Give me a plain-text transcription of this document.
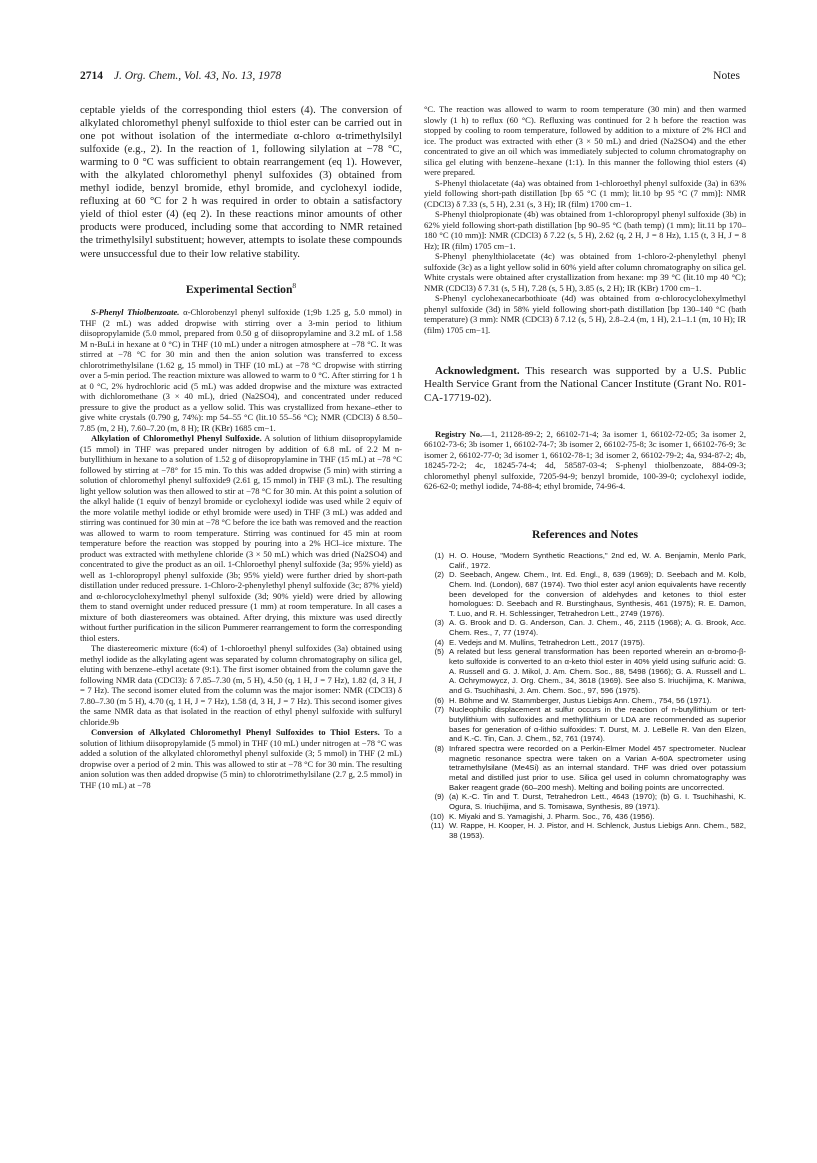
2714 J. Org. Chem., Vol. 43, No. 13, 1978	Notes

ceptable yields of the corresponding thiol esters (4). The conversion of alkylated chloromethyl phenyl sulfoxide to thiol ester can be carried out in one pot without isolation of the intermediate α-chloro α-trimethylsilyl sulfoxide (e.g., 2). In the reaction of 1, following silylation at −78 °C, warming to 0 °C was sufficient to obtain rearrangement (eq 1). However, with the alkylated chloromethyl phenyl sulfoxides (3) obtained from methyl iodide, benzyl bromide, ethyl bromide, and cyclohexyl iodide, refluxing at 60 °C for 2 h was required in order to obtain a satisfactory yield of thiol ester (4) (eq 2). In these reactions minor amounts of other products were produced, including some that according to NMR retained the trimethylsilyl substituent; however, attempts to isolate these compounds were unsuccessful due to their low relative stability.

Experimental Section$^8$

S-Phenyl Thiolbenzoate. α-Chlorobenzyl phenyl sulfoxide (1;9b 1.25 g, 5.0 mmol) in THF (2 mL) was added dropwise with stirring over a 3-min period to lithium diisopropylamide (5.0 mmol, prepared from 0.50 g of diisopropylamine and 3.2 mL of 1.58 M n-BuLi in hexane at 0 °C) in THF (10 mL) under a nitrogen atmosphere at −78 °C. It was stirred at −78 °C for 30 min and then the anion solution was transferred to excess chlorotrimethylsilane (1.62 g, 15 mmol) in THF (10 mL) at −78 °C dropwise with stirring over a 5-min period. The reaction mixture was allowed to warm to 0 °C. After stirring for 1 h at 0 °C, 2% hydrochloric acid (5 mL) was added dropwise and the mixture was extracted with dichloromethane (3 × 40 mL), dried (Na2SO4), and concentrated under reduced pressure to give the product as a yellow solid. This was crystallized from hexane–ether to give white crystals (0.790 g, 74%): mp 54–55 °C (lit.10 55–56 °C); NMR (CDCl3) δ 8.50–7.85 (m, 2 H), 7.60–7.20 (m, 8 H); IR (KBr) 1685 cm−1.

Alkylation of Chloromethyl Phenyl Sulfoxide. A solution of lithium diisopropylamide (15 mmol) in THF was prepared under nitrogen by addition of 6.8 mL of 2.2 M n-butyllithium in hexane to a solution of 1.52 g of diisopropylamine in THF (15 mL) at −78 °C followed by stirring at −78° for 15 min. To this was added dropwise (5 min) with stirring a solution of chloromethyl phenyl sulfoxide9 (2.61 g, 15 mmol) in THF (3 mL). The resulting light yellow solution was then allowed to stir at −78 °C for 30 min. At this point a solution of the alkyl halide (1 equiv of benzyl bromide or cyclohexyl iodide was used while 2 equiv of the more volatile methyl iodide or ethyl bromide were used) in THF (3 mL) was added and stirring was continued for 30 min at −78 °C before the ice bath was removed and the reaction was allowed to warm to room temperature. Stirring was continued for 45 min at room temperature before the reaction was stopped by pouring into a 2% HCl–ice mixture. The product was extracted with methylene chloride (3 × 50 mL) which was dried (Na2SO4) and concentrated to give the product as an oil. 1-Chloroethyl phenyl sulfoxide (3a; 95% yield) as well as 1-chloropropyl phenyl sulfoxide (3b; 95% yield) were further dried by short-path distillation under reduced pressure. 1-Chloro-2-phenylethyl phenyl sulfoxide (3c; 87% yield) and α-chlorocyclohexylmethyl phenyl sulfoxide (3d; 90% yield) were dried by allowing them to stand overnight under reduced pressure (1 mm) at room temperature. In all cases a mixture of both diastereomers was obtained. After drying, this mixture was used directly without further purification in the silicon Pummerer rearrangement to form the corresponding thiol esters.

The diastereomeric mixture (6:4) of 1-chloroethyl phenyl sulfoxides (3a) obtained using methyl iodide as the alkylating agent was separated by column chromatography on silica gel, eluting with benzene–ethyl acetate (9:1). The first isomer obtained from the column gave the following NMR data (CDCl3): δ 7.85–7.30 (m, 5 H), 4.50 (q, 1 H, J = 7 Hz), 1.82 (d, 3 H, J = 7 Hz). The second isomer eluted from the column was the major isomer: NMR (CDCl3) δ 7.80–7.30 (m 5 H), 4.70 (q, 1 H, J = 7 Hz), 1.58 (d, 3 H, J = 7 Hz). This second isomer gives the same NMR data as that isolated in the reaction of ethyl phenyl sulfoxide with sulfuryl chloride.9b

Conversion of Alkylated Chloromethyl Phenyl Sulfoxides to Thiol Esters. To a solution of lithium diisopropylamide (5 mmol) in THF (10 mL) under nitrogen at −78 °C was added a solution of the alkylated chloromethyl phenyl sulfoxide (3; 5 mmol) in THF (2 mL) dropwise over a period of 2 min. This was allowed to stir at −78 °C for 30 min. The resulting anion solution was then added dropwise (5 min) to chlorotrimethylsilane (2.7 g, 2.5 mmol) in THF (10 mL) at −78

°C. The reaction was allowed to warm to room temperature (30 min) and then warmed slowly (1 h) to reflux (60 °C). Refluxing was continued for 2 h before the reaction was stopped by cooling to room temperature, followed by addition to a mixture of 2% HCl and ice. The product was extracted with ether (3 × 50 mL) and dried (Na2SO4) and the ether concentrated to give an oil which was immediately subjected to column chromatography on silica gel eluting with benzene–hexane (1:1). In this manner the following thiol esters (4) were prepared.

S-Phenyl thiolacetate (4a) was obtained from 1-chloroethyl phenyl sulfoxide (3a) in 63% yield following short-path distillation [bp 65 °C (1 mm); lit.10 bp 95 °C (7 mm)]: NMR (CDCl3) δ 7.33 (s, 5 H), 2.31 (s, 3 H); IR (film) 1700 cm−1.

S-Phenyl thiolpropionate (4b) was obtained from 1-chloropropyl phenyl sulfoxide (3b) in 62% yield following short-path distillation [bp 90–95 °C (bath temp) (1 mm); lit.11 bp 170–180 °C (10 mm)]: NMR (CDCl3) δ 7.22 (s, 5 H), 2.62 (q, 2 H, J = 8 Hz), 1.15 (t, 3 H, J = 8 Hz); IR (film) 1705 cm−1.

S-Phenyl phenylthiolacetate (4c) was obtained from 1-chloro-2-phenylethyl phenyl sulfoxide (3c) as a light yellow solid in 60% yield after column chromatography on silica gel. White crystals were obtained after crystallization from hexane: mp 39 °C (lit.10 mp 40 °C); NMR (CDCl3) δ 7.31 (s, 5 H), 7.28 (s, 5 H), 3.85 (s, 2 H); IR (KBr) 1700 cm−1.

S-Phenyl cyclohexanecarbothioate (4d) was obtained from α-chlorocyclohexylmethyl phenyl sulfoxide (3d) in 58% yield following short-path distillation [bp 130–140 °C (bath temperature) (3 mm): NMR (CDCl3) δ 7.12 (s, 5 H), 2.8–2.4 (m, 1 H), 2.1–1.1 (m, 10 H); IR (film) 1705 cm−1].

Acknowledgment. This research was supported by a U.S. Public Health Service Grant from the National Cancer Institute (Grant No. R01-CA-17719-02).

Registry No.—1, 21128-89-2; 2, 66102-71-4; 3a isomer 1, 66102-72-05; 3a isomer 2, 66102-73-6; 3b isomer 1, 66102-74-7; 3b isomer 2, 66102-75-8; 3c isomer 1, 66102-76-9; 3c isomer 2, 66102-77-0; 3d isomer 1, 66102-78-1; 3d isomer 2, 66102-79-2; 4a, 934-87-2; 4b, 18245-72-2; 4c, 18245-74-4; 4d, 58587-03-4; S-phenyl thiolbenzoate, 884-09-3; chloromethyl phenyl sulfoxide, 7205-94-9; benzyl bromide, 100-39-0; cyclohexyl iodide, 626-62-0; methyl iodide, 74-88-4; ethyl bromide, 74-96-4.

References and Notes
(1) H. O. House, "Modern Synthetic Reactions," 2nd ed, W. A. Benjamin, Menlo Park, Calif., 1972.
(2) D. Seebach, Angew. Chem., Int. Ed. Engl., 8, 639 (1969); D. Seebach and M. Kolb, Chem. Ind. (London), 687 (1974). Two thiol ester acyl anion equivalents have recently been developed for the conversion of aldehydes and ketones to thiol ester homologues: D. Seebach and R. Burstinghaus, Synthesis, 461 (1975); R. E. Damon, T. Luo, and R. H. Schlessinger, Tetrahedron Lett., 2749 (1976).
(3) A. G. Brook and D. G. Anderson, Can. J. Chem., 46, 2115 (1968); A. G. Brook, Acc. Chem. Res., 7, 77 (1974).
(4) E. Vedejs and M. Mullins, Tetrahedron Lett., 2017 (1975).
(5) A related but less general transformation has been reported wherein an α-bromo-β-keto sulfoxide is converted to an α-keto thiol ester in 40% yield using sulfuric acid: G. A. Russell and G. J. Mikol, J. Am. Chem. Soc., 88, 5498 (1966); G. A. Russell and L. A. Ochrymowycz, J. Org. Chem., 34, 3618 (1969). See also S. Iriuchijima, K. Maniwa, and G. Tsuchihashi, J. Am. Chem. Soc., 97, 596 (1975).
(6) H. Böhme and W. Stammberger, Justus Liebigs Ann. Chem., 754, 56 (1971).
(7) Nucleophilic displacement at sulfur occurs in the reaction of n-butyllithium or tert-butyllithium with sulfoxides and methyllithium or LDA are recommended as superior bases for generation of α-lithio sulfoxides: T. Durst, M. J. LeBelle R. Van den Elzen, and K.-C. Tin, Can. J. Chem., 52, 761 (1974).
(8) Infrared spectra were recorded on a Perkin-Elmer Model 457 spectrometer. Nuclear magnetic resonance spectra were taken on a Varian A-60A spectrometer using tetramethylsilane (Me4Si) as an internal standard. THF was dried over potassium metal and distilled just prior to use. Silica gel used in column chromatography was Baker reagent grade (60–200 mesh). Melting and boiling points are uncorrected.
(9) (a) K.-C. Tin and T. Durst, Tetrahedron Lett., 4643 (1970); (b) G. I. Tsuchihashi, K. Ogura, S. Iriuchijima, and S. Tomisawa, Synthesis, 89 (1971).
(10) K. Miyaki and S. Yamagishi, J. Pharm. Soc., 76, 436 (1956).
(11) W. Rappe, H. Kooper, H. J. Pistor, and H. Schlenck, Justus Liebigs Ann. Chem., 582, 38 (1953).
